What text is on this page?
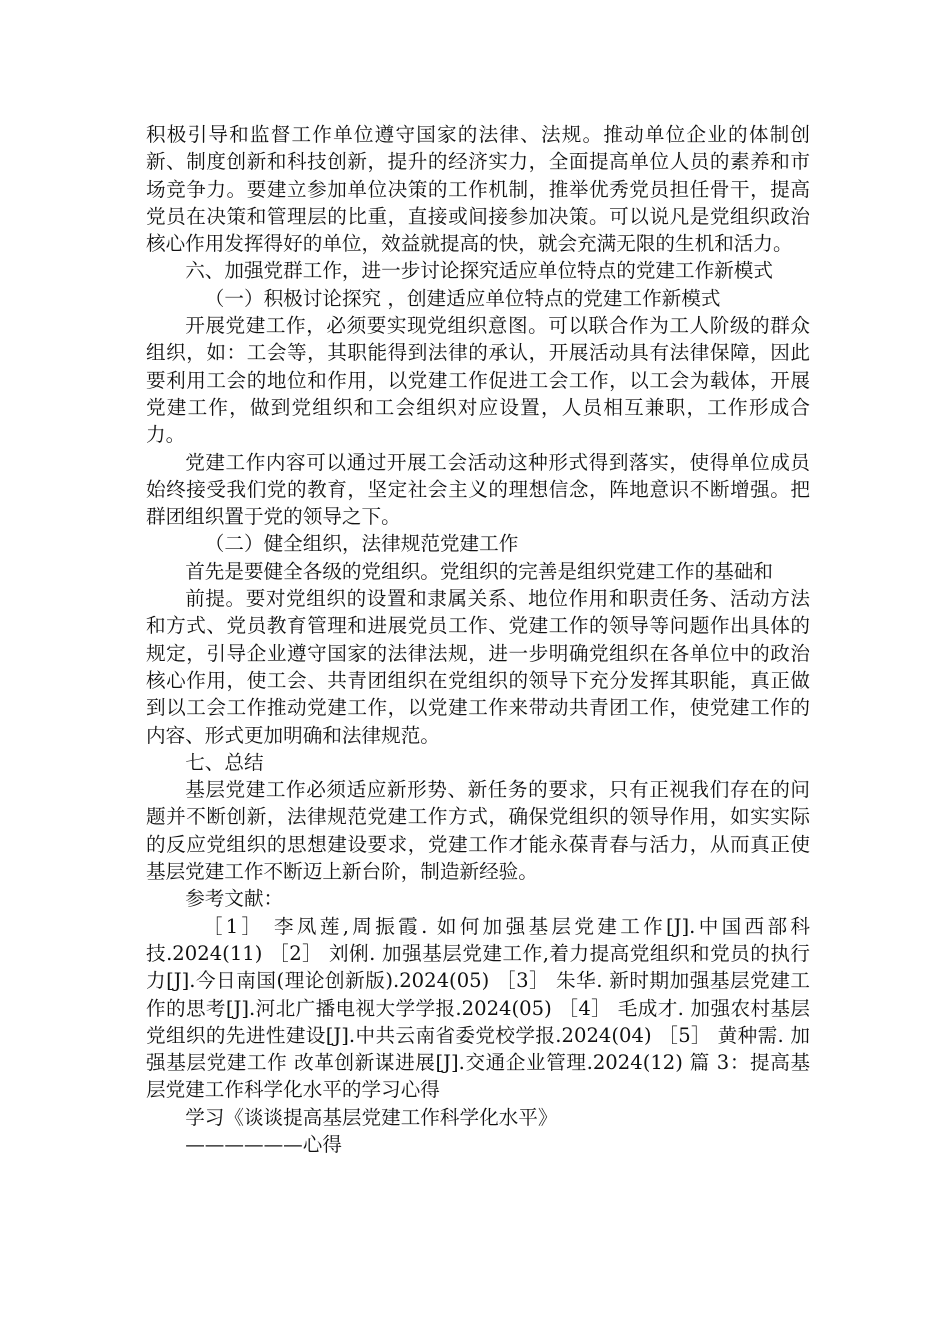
积极引导和监督工作单位遵守国家的法律、法规。推动单位企业的体制创新、制度创新和科技创新，提升的经济实力，全面提高单位人员的素养和市场竞争力。要建立参加单位决策的工作机制，推举优秀党员担任骨干，提高党员在决策和管理层的比重，直接或间接参加决策。可以说凡是党组织政治核心作用发挥得好的单位，效益就提高的快，就会充满无限的生机和活力。

六、加强党群工作，进一步讨论探究适应单位特点的党建工作新模式

（一）积极讨论探究 ，创建适应单位特点的党建工作新模式

开展党建工作，必须要实现党组织意图。可以联合作为工人阶级的群众组织，如：工会等，其职能得到法律的承认，开展活动具有法律保障，因此要利用工会的地位和作用，以党建工作促进工会工作，以工会为载体，开展党建工作，做到党组织和工会组织对应设置，人员相互兼职，工作形成合力。

党建工作内容可以通过开展工会活动这种形式得到落实，使得单位成员始终接受我们党的教育，坚定社会主义的理想信念，阵地意识不断增强。把群团组织置于党的领导之下。

（二）健全组织，法律规范党建工作

首先是要健全各级的党组织。党组织的完善是组织党建工作的基础和

前提。要对党组织的设置和隶属关系、地位作用和职责任务、活动方法和方式、党员教育管理和进展党员工作、党建工作的领导等问题作出具体的规定，引导企业遵守国家的法律法规，进一步明确党组织在各单位中的政治核心作用，使工会、共青团组织在党组织的领导下充分发挥其职能，真正做到以工会工作推动党建工作，以党建工作来带动共青团工作，使党建工作的内容、形式更加明确和法律规范。

七、总结

基层党建工作必须适应新形势、新任务的要求，只有正视我们存在的问题并不断创新，法律规范党建工作方式，确保党组织的领导作用，如实实际的反应党组织的思想建设要求，党建工作才能永葆青春与活力，从而真正使基层党建工作不断迈上新台阶，制造新经验。

参考文献：

［1］ 李凤莲,周振霞. 如何加强基层党建工作[J].中国西部科技.2024(11) ［2］ 刘俐. 加强基层党建工作,着力提高党组织和党员的执行力[J].今日南国(理论创新版).2024(05) ［3］ 朱华. 新时期加强基层党建工作的思考[J].河北广播电视大学学报.2024(05) ［4］ 毛成才. 加强农村基层党组织的先进性建设[J].中共云南省委党校学报.2024(04) ［5］ 黄种需. 加强基层党建工作 改革创新谋进展[J].交通企业管理.2024(12) 篇 3：提高基层党建工作科学化水平的学习心得

学习《谈谈提高基层党建工作科学化水平》

——————心得
